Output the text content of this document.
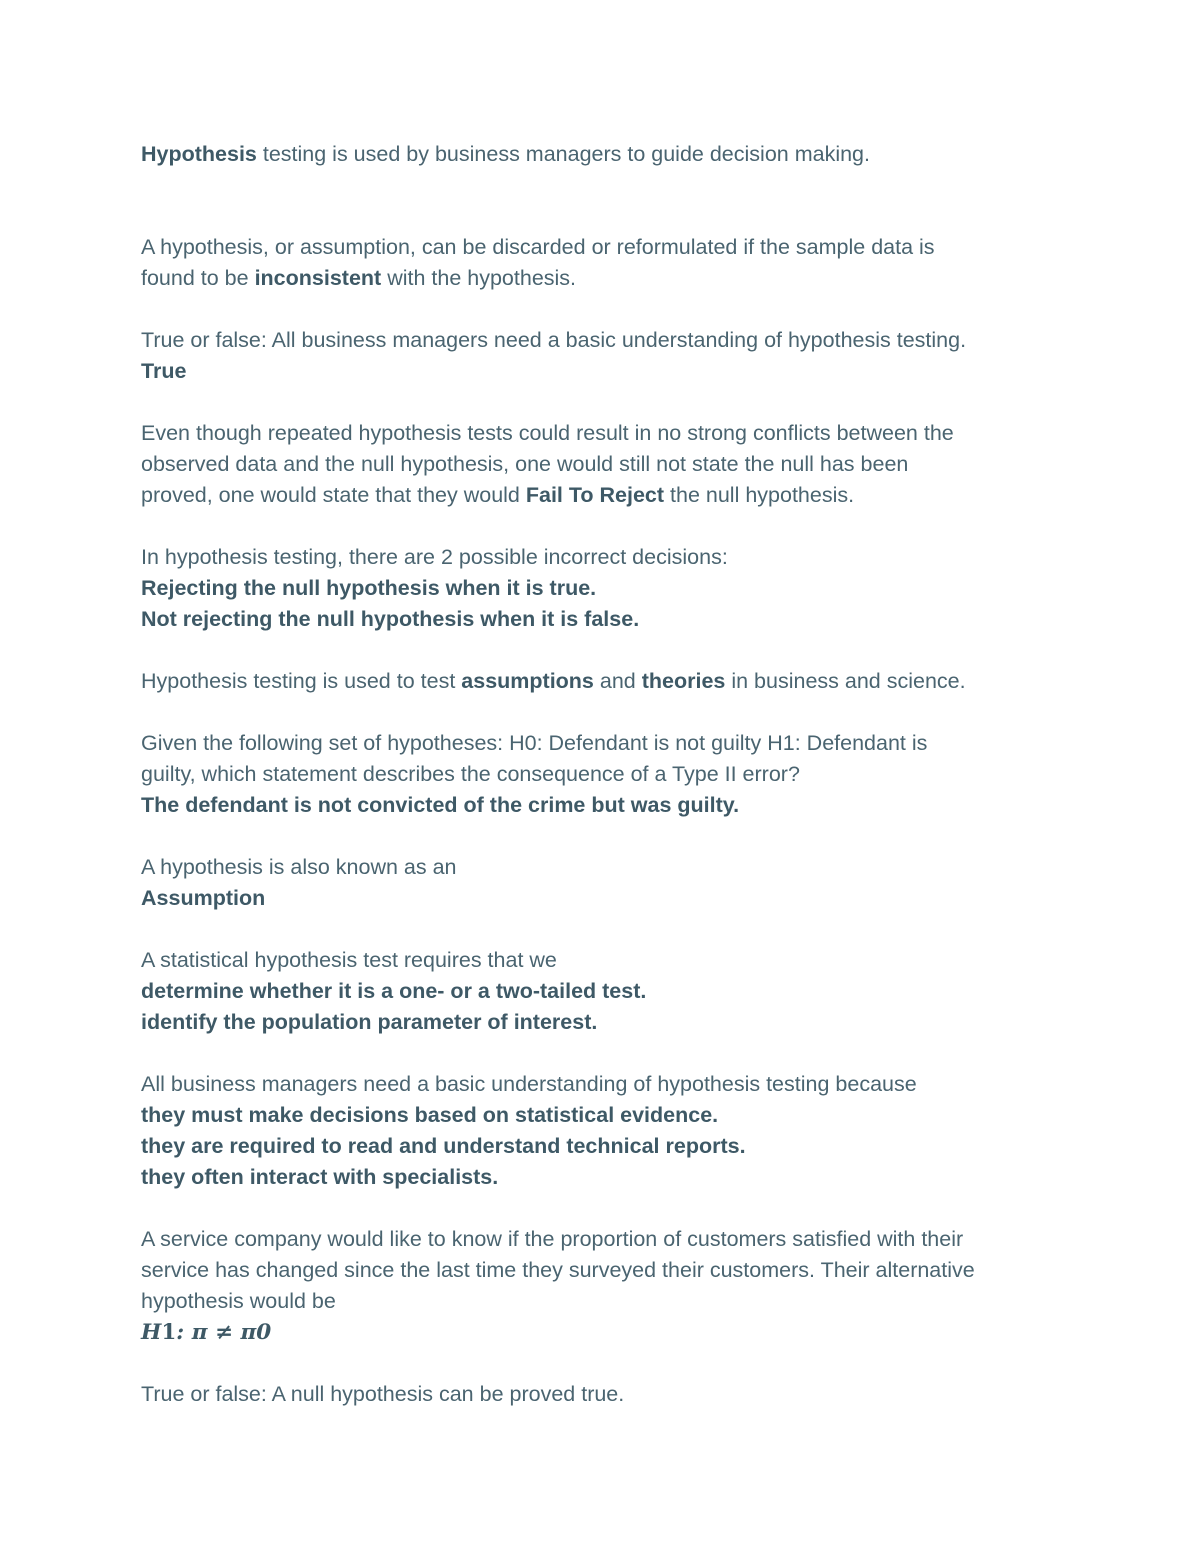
Hypothesis testing is used by business managers to guide decision making.
A hypothesis, or assumption, can be discarded or reformulated if the sample data is
found to be inconsistent with the hypothesis.
True or false: All business managers need a basic understanding of hypothesis testing.
True
Even though repeated hypothesis tests could result in no strong conflicts between the
observed data and the null hypothesis, one would still not state the null has been
proved, one would state that they would Fail To Reject the null hypothesis.
In hypothesis testing, there are 2 possible incorrect decisions:
Rejecting the null hypothesis when it is true.
Not rejecting the null hypothesis when it is false.
Hypothesis testing is used to test assumptions and theories in business and science.
Given the following set of hypotheses: H0: Defendant is not guilty H1: Defendant is
guilty, which statement describes the consequence of a Type II error?
The defendant is not convicted of the crime but was guilty.
A hypothesis is also known as an
Assumption
A statistical hypothesis test requires that we
determine whether it is a one- or a two-tailed test.
identify the population parameter of interest.
All business managers need a basic understanding of hypothesis testing because
they must make decisions based on statistical evidence.
they are required to read and understand technical reports.
they often interact with specialists.
A service company would like to know if the proportion of customers satisfied with their
service has changed since the last time they surveyed their customers. Their alternative
hypothesis would be
H1: π ≠ π0
True or false: A null hypothesis can be proved true.
